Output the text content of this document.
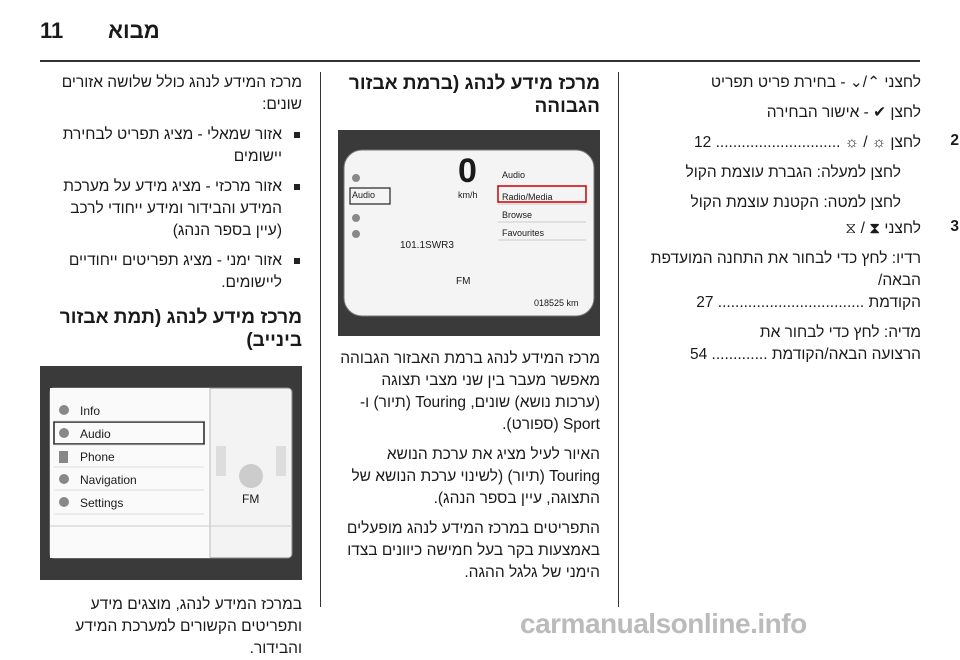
11 מבוא

מרכז המידע לנהג כולל שלושה אזורים שונים:

אזור שמאלי - מציג תפריט לבחירת יישומים
אזור מרכזי - מציג מידע על מערכת המידע והבידור ומידע ייחודי לרכב (עיין בספר הנהג)
אזור ימני - מציג תפריטים ייחודיים ליישומים.
מרכז מידע לנהג (תמת אבזור בינייב)
Info
Audio
Phone
Navigation
Settings	FM

במרכז המידע לנהג, מוצגים מידע ותפריטים הקשורים למערכת המידע והבידור.

מרכז מידע לנהג (ברמת אבזור הגבוהה
0
km/h
Audio
101.1SWR3
FM
Audio
Radio/Media
Browse
Favourites
018525 km

מרכז המידע לנהג ברמת האבזור הגבוהה מאפשר מעבר בין שני מצבי תצוגה (ערכות נושא) שונים, Touring (תיור) ו-Sport (ספורט).

האיור לעיל מציג את ערכת הנושא Touring (תיור) (לשינוי ערכת הנושא של התצוגה, עיין בספר הנהג).

התפריטים במרכז המידע לנהג מופעלים באמצעות בקר בעל חמישה כיוונים בצדו הימני של גלגל ההגה.

לחצני ⌃/⌄ - בחירת פריט תפריט

לחצן ✔ - אישור הבחירה

2

לחצן ☼ / ☼ ............................. 12

לחצן למעלה: הגברת עוצמת הקול

לחצן למטה: הקטנת עוצמת הקול

3

לחצני ⧗ / ⧖

רדיו: לחץ כדי לבחור את התחנה המועדפת הבאה/

הקודמת .................................. 27

מדיה: לחץ כדי לבחור את

הרצועה הבאה/הקודמת ............. 54

carmanualsonline.info
